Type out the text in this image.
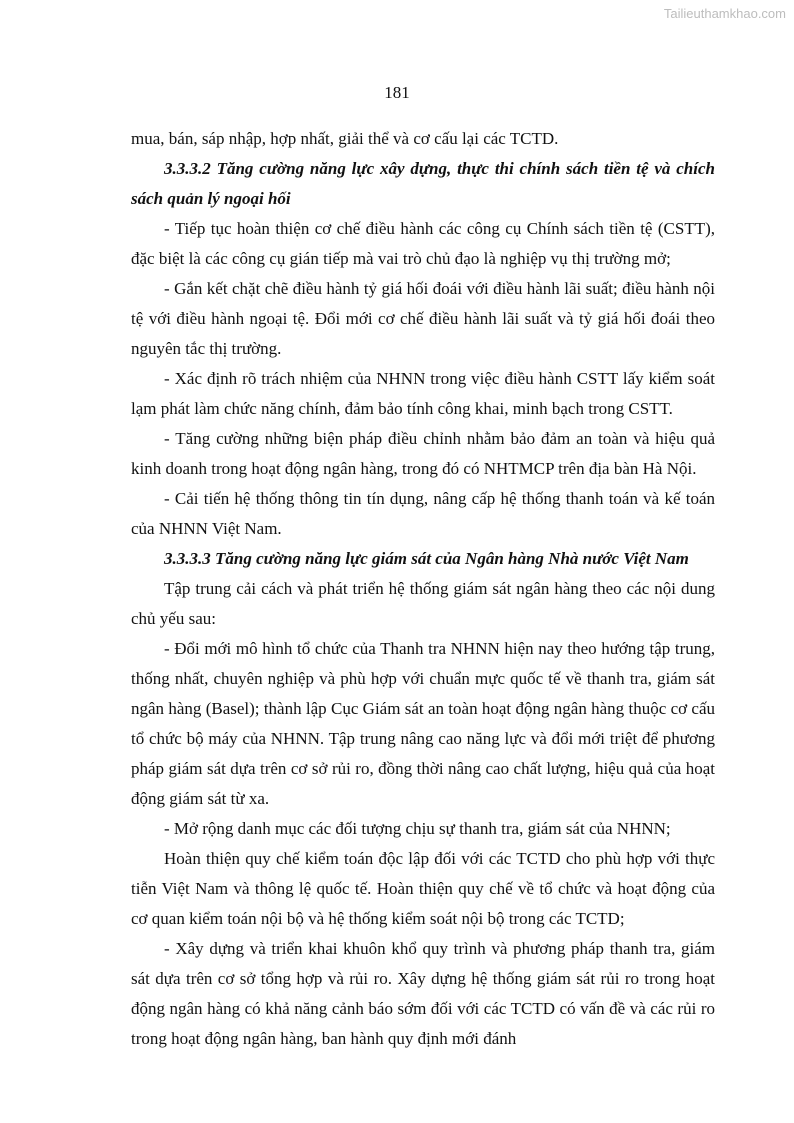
Tailieuthamkhao.com
181

mua, bán, sáp nhập, hợp nhất, giải thể và cơ cấu lại các TCTD.

3.3.3.2 Tăng cường năng lực xây dựng, thực thi chính sách tiền tệ và chích sách quản lý ngoại hối

- Tiếp tục hoàn thiện cơ chế điều hành các công cụ Chính sách tiền tệ (CSTT), đặc biệt là các công cụ gián tiếp mà vai trò chủ đạo là nghiệp vụ thị trường mở;

- Gắn kết chặt chẽ điều hành tỷ giá hối đoái với điều hành lãi suất; điều hành nội tệ với điều hành ngoại tệ. Đổi mới cơ chế điều hành lãi suất và tỷ giá hối đoái theo nguyên tắc thị trường.

- Xác định rõ trách nhiệm của NHNN trong việc điều hành CSTT lấy kiểm soát lạm phát làm chức năng chính, đảm bảo tính công khai, minh bạch trong CSTT.

- Tăng cường những biện pháp điều chỉnh nhằm bảo đảm an toàn và hiệu quả kinh doanh trong hoạt động ngân hàng, trong đó có NHTMCP trên địa bàn Hà Nội.

- Cải tiến hệ thống thông tin tín dụng, nâng cấp hệ thống thanh toán và kế toán của NHNN Việt Nam.

3.3.3.3 Tăng cường năng lực giám sát của Ngân hàng Nhà nước Việt Nam

Tập trung cải cách và phát triển hệ thống giám sát ngân hàng theo các nội dung chủ yếu sau:

- Đổi mới mô hình tổ chức của Thanh tra NHNN hiện nay theo hướng tập trung, thống nhất, chuyên nghiệp và phù hợp với chuẩn mực quốc tế về thanh tra, giám sát ngân hàng (Basel); thành lập Cục Giám sát an toàn hoạt động ngân hàng thuộc cơ cấu tổ chức bộ máy của NHNN. Tập trung nâng cao năng lực và đổi mới triệt để phương pháp giám sát dựa trên cơ sở rủi ro, đồng thời nâng cao chất lượng, hiệu quả của hoạt động giám sát từ xa.

- Mở rộng danh mục các đối tượng chịu sự thanh tra, giám sát của NHNN;

Hoàn thiện quy chế kiểm toán độc lập đối với các TCTD cho phù hợp với thực tiễn Việt Nam và thông lệ quốc tế. Hoàn thiện quy chế về tổ chức và hoạt động của cơ quan kiểm toán nội bộ và hệ thống kiểm soát nội bộ trong các TCTD;

- Xây dựng và triển khai khuôn khổ quy trình và phương pháp thanh tra, giám sát dựa trên cơ sở tổng hợp và rủi ro. Xây dựng hệ thống giám sát rủi ro trong hoạt động ngân hàng có khả năng cảnh báo sớm đối với các TCTD có vấn đề và các rủi ro trong hoạt động ngân hàng, ban hành quy định mới đánh
